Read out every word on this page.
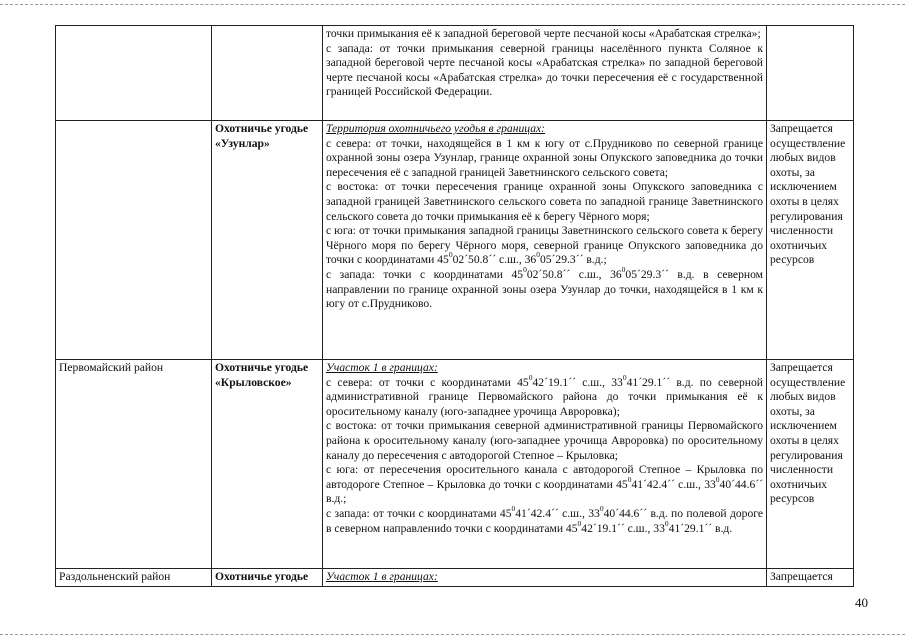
		точки примыкания её к западной береговой черте песчаной косы «Арабатская стрелка»;
с запада: от точки примыкания северной границы населённого пункта Соляное к западной береговой черте песчаной косы «Арабатская стрелка» по западной береговой черте песчаной косы «Арабатская стрелка» до точки пересечения её с государственной границей Российской Федерации.	

	Охотничье угодье «Узунлар»	Территория охотничьего угодья в границах:
с севера: от точки, находящейся в 1 км к югу от с.Прудниково по северной границе охранной зоны озера Узунлар, границе охранной зоны Опукского заповедника до точки пересечения её с западной границей Заветнинского сельского совета;
с востока: от точки пересечения границе охранной зоны Опукского заповедника с западной границей Заветнинского сельского совета по западной границе Заветнинского сельского совета до точки примыкания её к берегу Чёрного моря;
с юга: от точки примыкания западной границы Заветнинского сельского совета к берегу Чёрного моря по берегу Чёрного моря, северной границе Опукского заповедника до точки с координатами $45^002´50.8´´$ с.ш., $36^005´29.3´´$ в.д.;
с запада: точки с координатами $45^002´50.8´´$ с.ш., $36^005´29.3´´$ в.д. в северном направлении по границе охранной зоны озера Узунлар до точки, находящейся в 1 км к югу от с.Прудниково.	Запрещается осуществление любых видов охоты, за исключением охоты в целях регулирования численности охотничьих ресурсов
Первомайский район	Охотничье угодье «Крыловское»	Участок 1 в границах:
с севера: от точки с координатами $45^042´19.1´´$ с.ш., $33^041´29.1´´$ в.д. по северной административной границе Первомайского района до точки примыкания её к оросительному каналу (юго-западнее урочища Авроровка);
с востока: от точки примыкания северной административной границы Первомайского района к оросительному каналу (юго-западнее урочища Авроровка) по оросительному каналу до пересечения с автодорогой Степное – Крыловка;
с юга: от пересечения оросительного канала с автодорогой Степное – Крыловка по автодороге Степное – Крыловка до точки с координатами $45^041´42.4´´$ с.ш., $33^040´44.6´´$ в.д.;
с запада: от точки с координатами $45^041´42.4´´$ с.ш., $33^040´44.6´´$ в.д. по полевой дороге в северном направлениdо точки с координатами $45^042´19.1´´$ с.ш., $33^041´29.1´´$ в.д.	Запрещается осуществление любых видов охоты, за исключением охоты в целях регулирования численности охотничьих ресурсов
Раздольненский район	Охотничье угодье	Участок 1 в границах:	Запрещается
40
